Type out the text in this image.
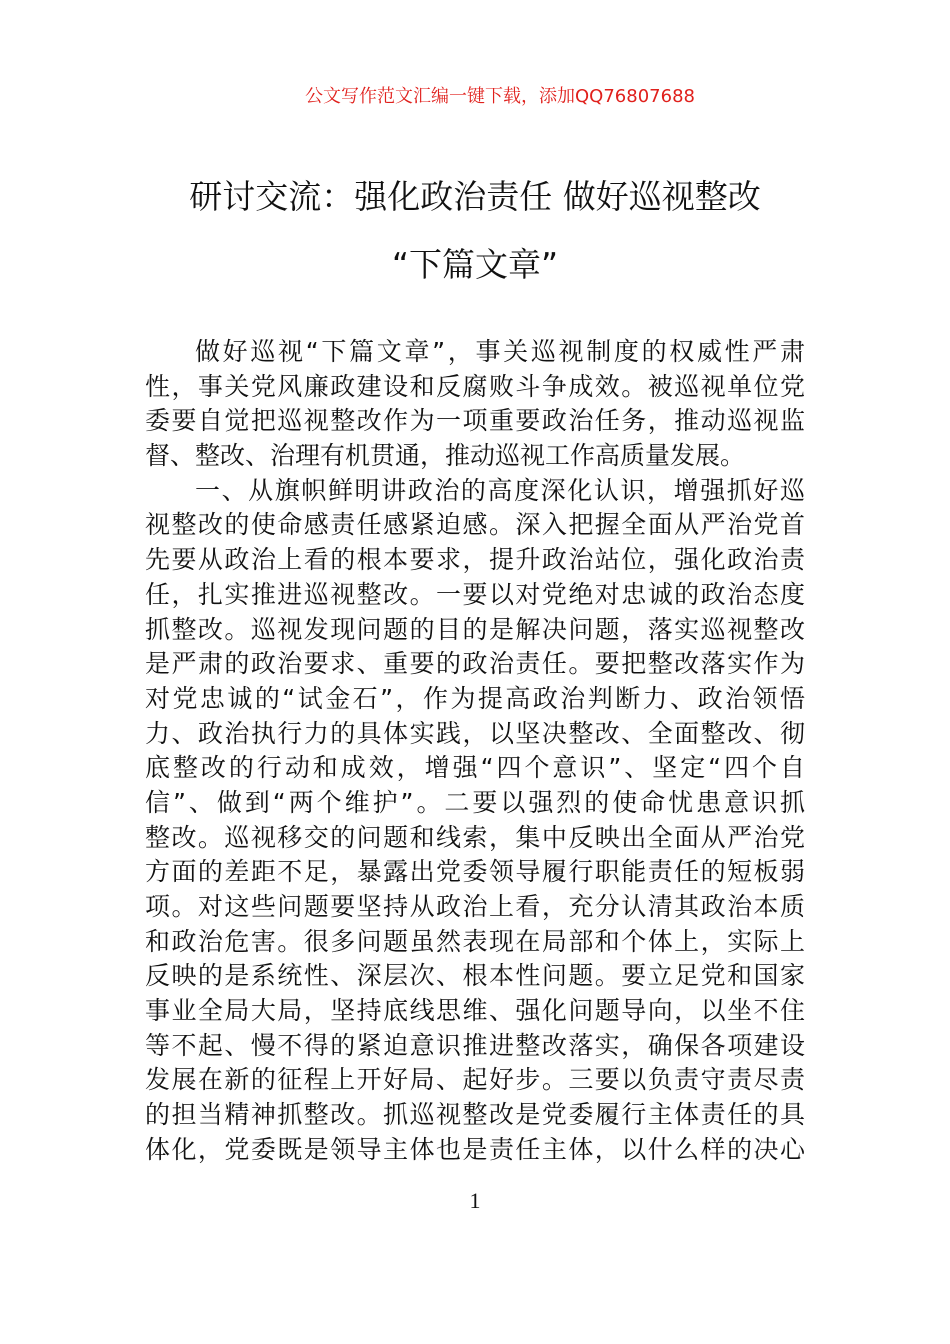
公文写作范文汇编一键下载，添加QQ76807688
研讨交流：强化政治责任 做好巡视整改
“下篇文章”
做好巡视“下篇文章”，事关巡视制度的权威性严肃
性，事关党风廉政建设和反腐败斗争成效。被巡视单位党
委要自觉把巡视整改作为一项重要政治任务，推动巡视监
督、整改、治理有机贯通，推动巡视工作高质量发展。
一、从旗帜鲜明讲政治的高度深化认识，增强抓好巡
视整改的使命感责任感紧迫感。深入把握全面从严治党首
先要从政治上看的根本要求，提升政治站位，强化政治责
任，扎实推进巡视整改。一要以对党绝对忠诚的政治态度
抓整改。巡视发现问题的目的是解决问题，落实巡视整改
是严肃的政治要求、重要的政治责任。要把整改落实作为
对党忠诚的“试金石”，作为提高政治判断力、政治领悟
力、政治执行力的具体实践，以坚决整改、全面整改、彻
底整改的行动和成效，增强“四个意识”、坚定“四个自
信”、做到“两个维护”。二要以强烈的使命忧患意识抓
整改。巡视移交的问题和线索，集中反映出全面从严治党
方面的差距不足，暴露出党委领导履行职能责任的短板弱
项。对这些问题要坚持从政治上看，充分认清其政治本质
和政治危害。很多问题虽然表现在局部和个体上，实际上
反映的是系统性、深层次、根本性问题。要立足党和国家
事业全局大局，坚持底线思维、强化问题导向，以坐不住
等不起、慢不得的紧迫意识推进整改落实，确保各项建设
发展在新的征程上开好局、起好步。三要以负责守责尽责
的担当精神抓整改。抓巡视整改是党委履行主体责任的具
体化，党委既是领导主体也是责任主体，以什么样的决心
1
